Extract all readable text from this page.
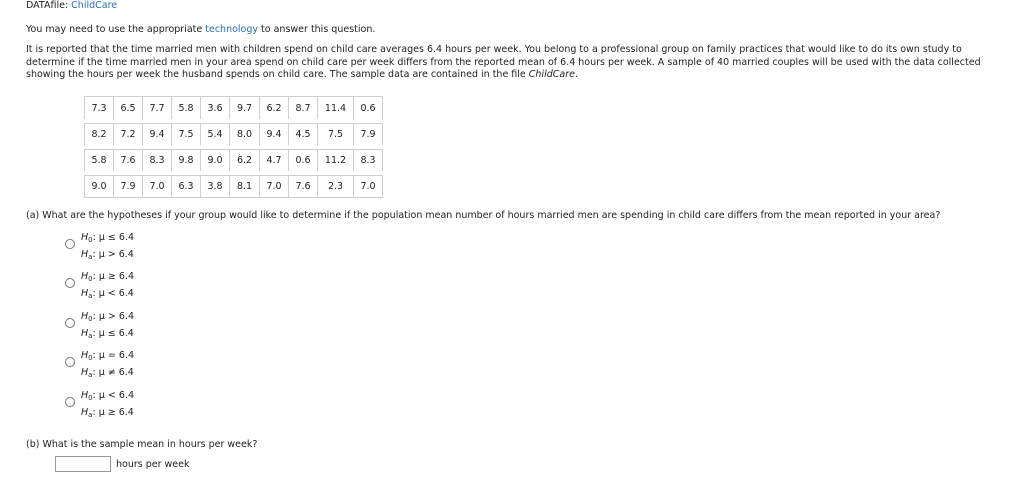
DATAfile: ChildCare
You may need to use the appropriate technology to answer this question.
It is reported that the time married men with children spend on child care averages 6.4 hours per week. You belong to a professional group on family practices that would like to do its own study to determine if the time married men in your area spend on child care per week differs from the reported mean of 6.4 hours per week. A sample of 40 married couples will be used with the data collected showing the hours per week the husband spends on child care. The sample data are contained in the file ChildCare.
7.3	6.5	7.7	5.8	3.6	9.7	6.2	8.7	11.4	0.6
8.2	7.2	9.4	7.5	5.4	8.0	9.4	4.5	7.5	7.9
5.8	7.6	8.3	9.8	9.0	6.2	4.7	0.6	11.2	8.3
9.0	7.9	7.0	6.3	3.8	8.1	7.0	7.6	2.3	7.0
(a) What are the hypotheses if your group would like to determine if the population mean number of hours married men are spending in child care differs from the mean reported in your area?
$H_0$: μ ≤ 6.4
$H_a$: μ > 6.4
$H_0$: μ ≥ 6.4
$H_a$: μ < 6.4
$H_0$: μ > 6.4
$H_a$: μ ≤ 6.4
$H_0$: μ = 6.4
$H_a$: μ ≠ 6.4
$H_0$: μ < 6.4
$H_a$: μ ≥ 6.4
(b) What is the sample mean in hours per week?
hours per week
